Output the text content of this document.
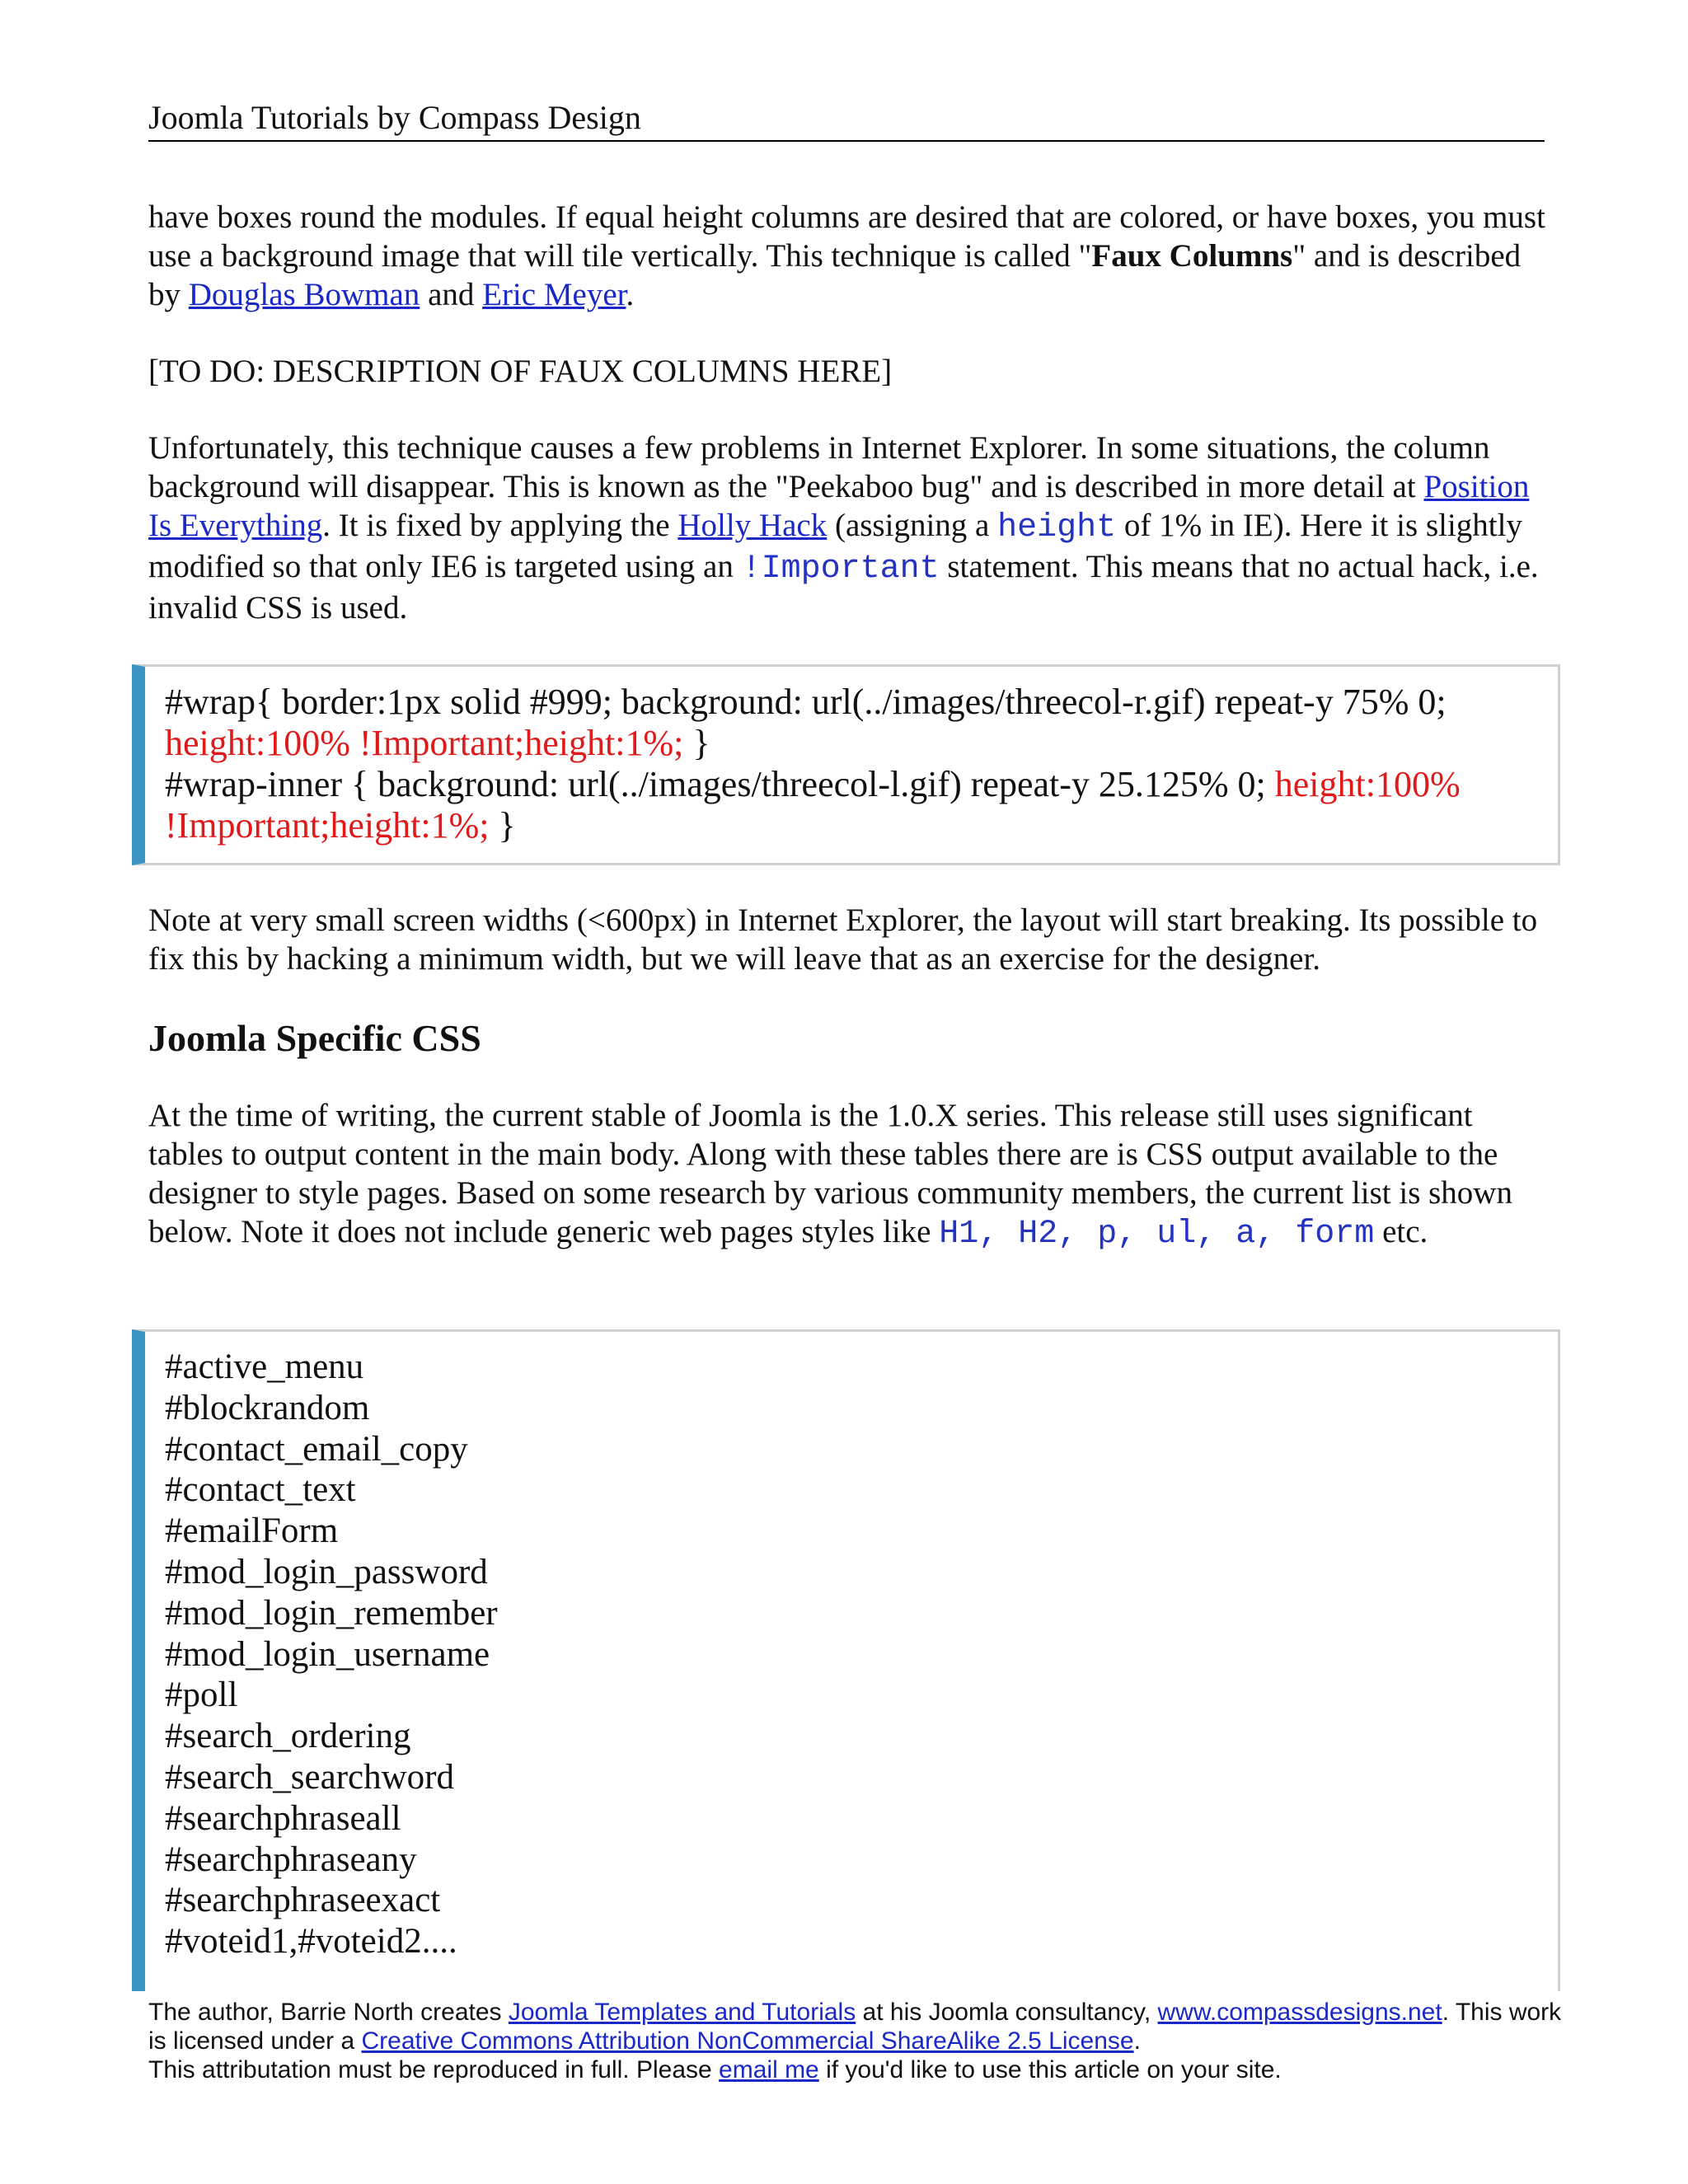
Joomla Tutorials by Compass Design

have boxes round the modules. If equal height columns are desired that are colored, or have boxes, you must use a background image that will tile vertically. This technique is called "Faux Columns" and is described by Douglas Bowman and Eric Meyer.

[TO DO: DESCRIPTION OF FAUX COLUMNS HERE]

Unfortunately, this technique causes a few problems in Internet Explorer. In some situations, the column background will disappear. This is known as the "Peekaboo bug" and is described in more detail at Position Is Everything. It is fixed by applying the Holly Hack (assigning a height of 1% in IE). Here it is slightly modified so that only IE6 is targeted using an !Important statement. This means that no actual hack, i.e. invalid CSS is used.

#wrap{ border:1px solid #999; background: url(../images/threecol-r.gif) repeat-y 75% 0;
height:100% !Important;height:1%; }
#wrap-inner { background: url(../images/threecol-l.gif) repeat-y 25.125% 0; height:100%
!Important;height:1%; }

Note at very small screen widths (<600px) in Internet Explorer, the layout will start breaking. Its possible to fix this by hacking a minimum width, but we will leave that as an exercise for the designer.

Joomla Specific CSS

At the time of writing, the current stable of Joomla is the 1.0.X series. This release still uses significant tables to output content in the main body. Along with these tables there are is CSS output available to the designer to style pages. Based on some research by various community members, the current list is shown below. Note it does not include generic web pages styles like H1, H2, p, ul, a, form etc.

#active_menu
#blockrandom
#contact_email_copy
#contact_text
#emailForm
#mod_login_password
#mod_login_remember
#mod_login_username
#poll
#search_ordering
#search_searchword
#searchphraseall
#searchphraseany
#searchphraseexact
#voteid1,#voteid2....
The author, Barrie North creates Joomla Templates and Tutorials at his Joomla consultancy, www.compassdesigns.net. This work is licensed under a Creative Commons Attribution NonCommercial ShareAlike 2.5 License.
This attributation must be reproduced in full. Please email me if you'd like to use this article on your site.
